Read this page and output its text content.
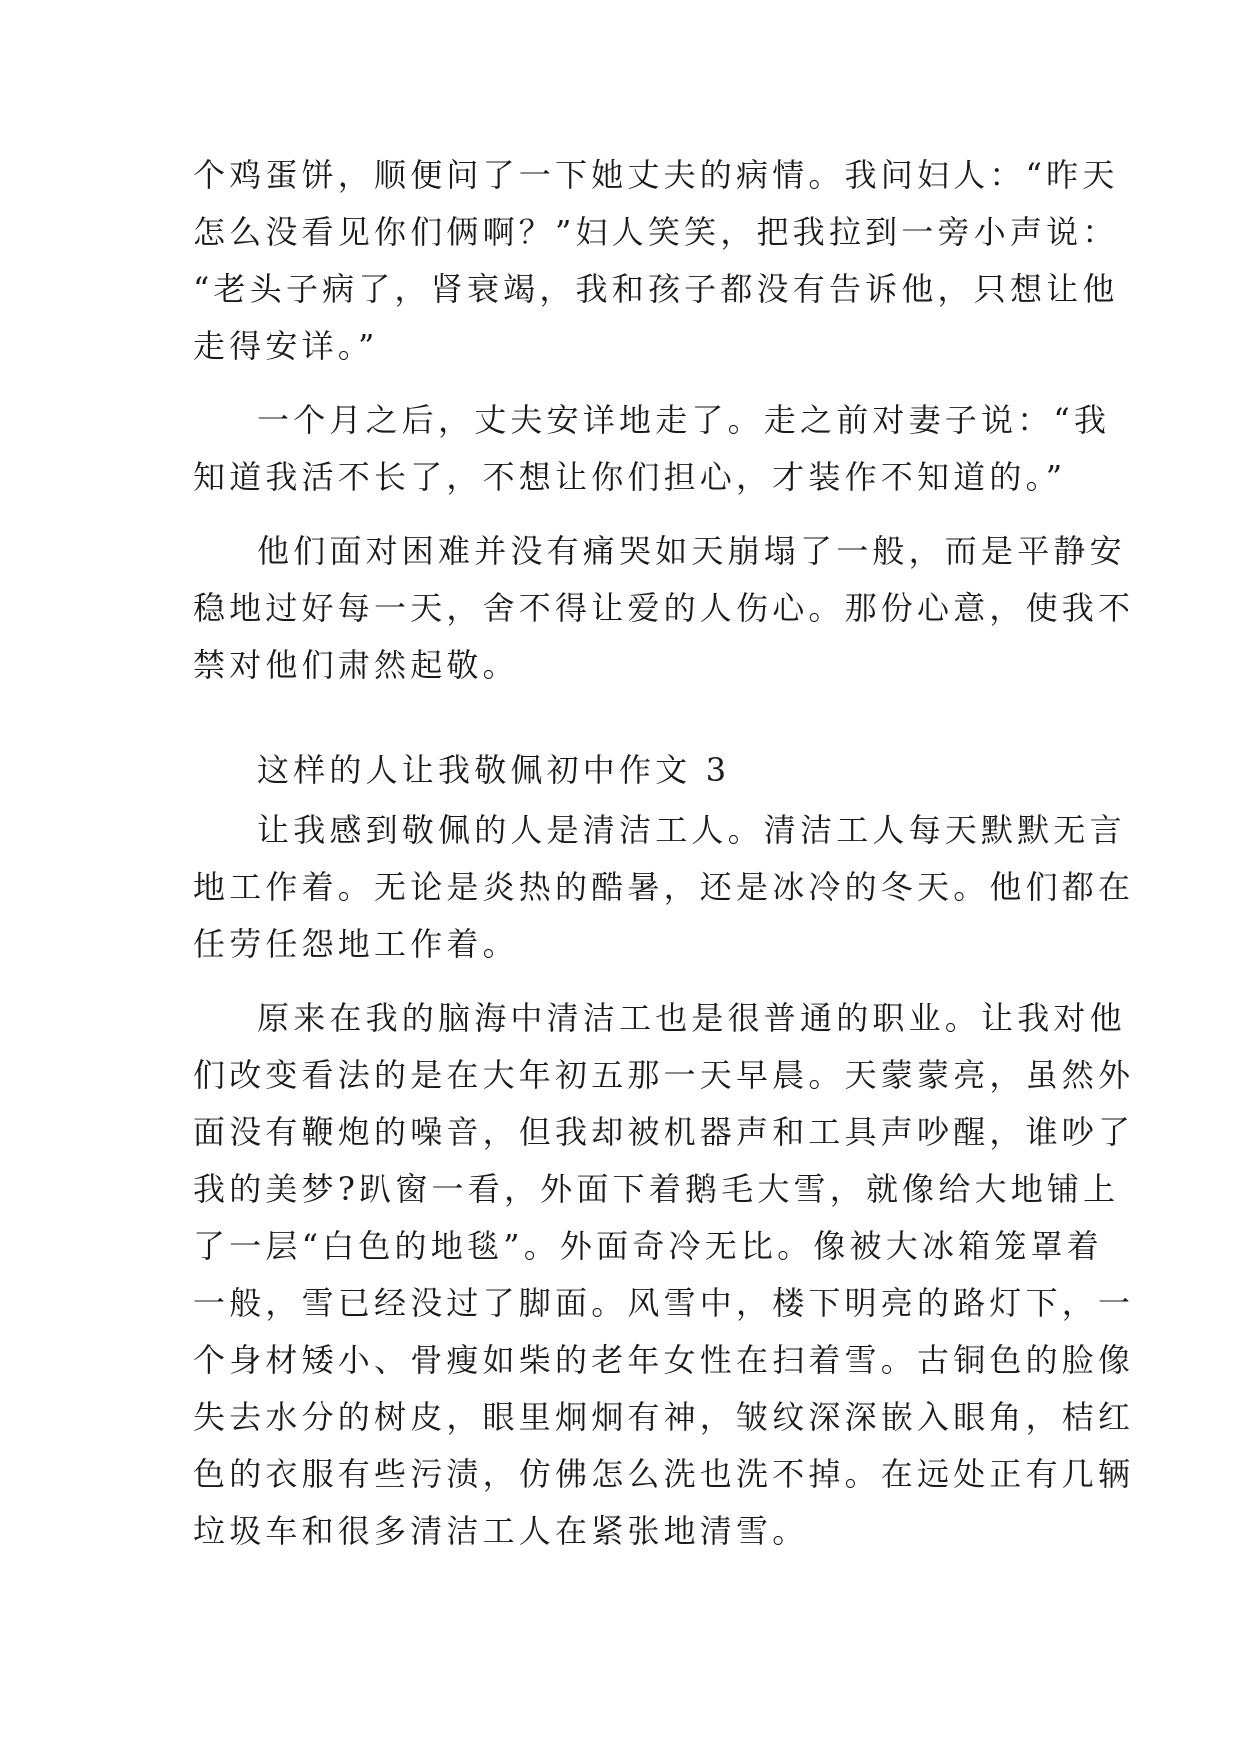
个鸡蛋饼，顺便问了一下她丈夫的病情。我问妇人：“昨天

怎么没看见你们俩啊？”妇人笑笑，把我拉到一旁小声说：

“老头子病了，肾衰竭，我和孩子都没有告诉他，只想让他

走得安详。”

一个月之后，丈夫安详地走了。走之前对妻子说：“我

知道我活不长了，不想让你们担心，才装作不知道的。”

他们面对困难并没有痛哭如天崩塌了一般，而是平静安

稳地过好每一天，舍不得让爱的人伤心。那份心意，使我不

禁对他们肃然起敬。

这样的人让我敬佩初中作文 3

让我感到敬佩的人是清洁工人。清洁工人每天默默无言

地工作着。无论是炎热的酷暑，还是冰冷的冬天。他们都在

任劳任怨地工作着。

原来在我的脑海中清洁工也是很普通的职业。让我对他

们改变看法的是在大年初五那一天早晨。天蒙蒙亮，虽然外

面没有鞭炮的噪音，但我却被机器声和工具声吵醒，谁吵了

我的美梦?趴窗一看，外面下着鹅毛大雪，就像给大地铺上

了一层“白色的地毯”。外面奇冷无比。像被大冰箱笼罩着

一般，雪已经没过了脚面。风雪中，楼下明亮的路灯下，一

个身材矮小、骨瘦如柴的老年女性在扫着雪。古铜色的脸像

失去水分的树皮，眼里炯炯有神，皱纹深深嵌入眼角，桔红

色的衣服有些污渍，仿佛怎么洗也洗不掉。在远处正有几辆

垃圾车和很多清洁工人在紧张地清雪。
